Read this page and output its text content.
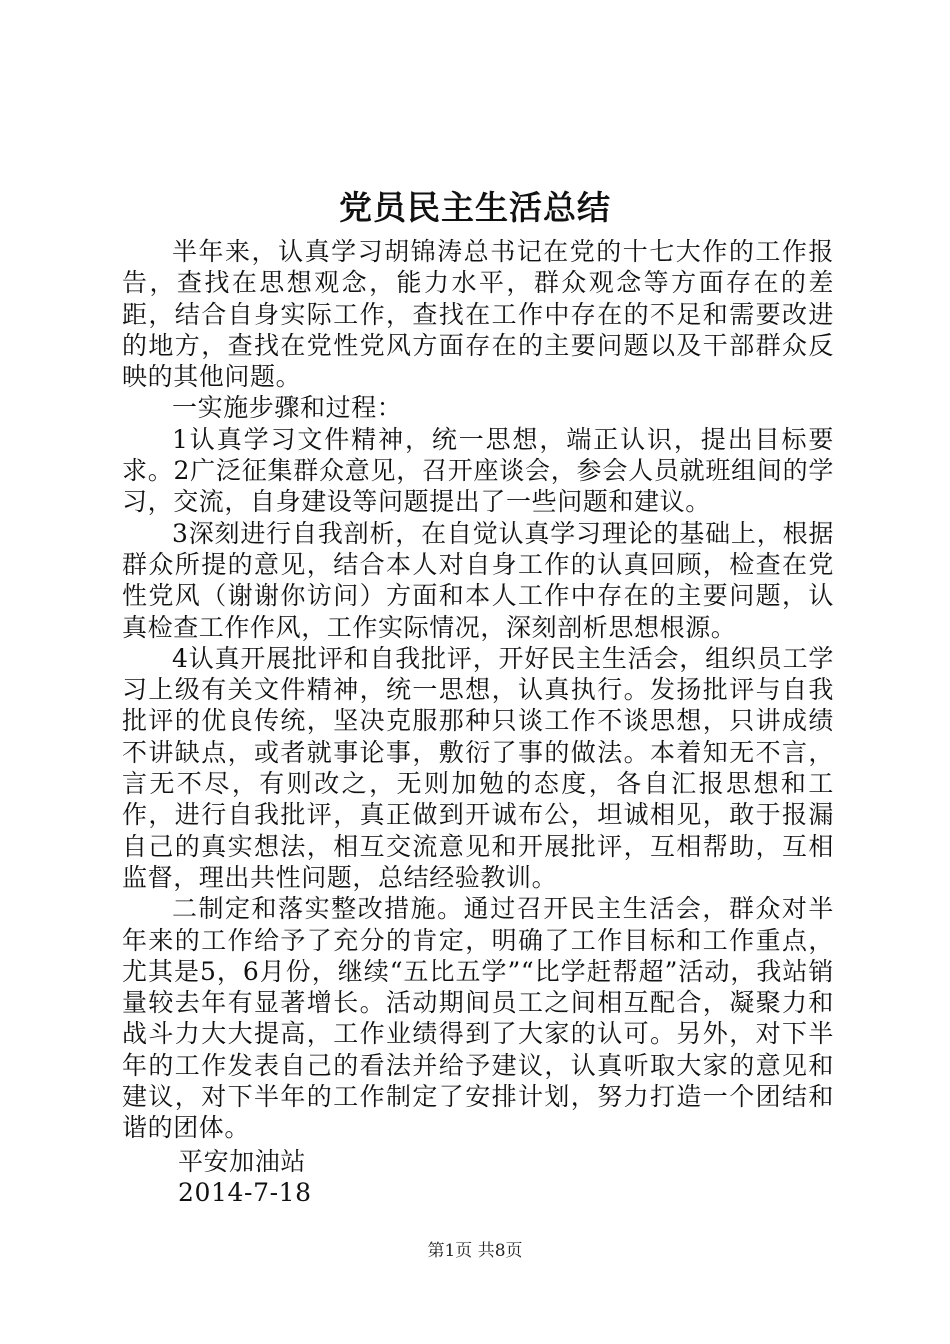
党员民主生活总结

半年来，认真学习胡锦涛总书记在党的十七大作的工作报告，查找在思想观念，能力水平，群众观念等方面存在的差距，结合自身实际工作，查找在工作中存在的不足和需要改进的地方，查找在党性党风方面存在的主要问题以及干部群众反映的其他问题。

一实施步骤和过程：

1认真学习文件精神，统一思想，端正认识，提出目标要求。2广泛征集群众意见，召开座谈会，参会人员就班组间的学习，交流，自身建设等问题提出了一些问题和建议。

3深刻进行自我剖析，在自觉认真学习理论的基础上，根据群众所提的意见，结合本人对自身工作的认真回顾，检查在党性党风（谢谢你访问）方面和本人工作中存在的主要问题，认真检查工作作风，工作实际情况，深刻剖析思想根源。

4认真开展批评和自我批评，开好民主生活会，组织员工学习上级有关文件精神，统一思想，认真执行。发扬批评与自我批评的优良传统，坚决克服那种只谈工作不谈思想，只讲成绩不讲缺点，或者就事论事，敷衍了事的做法。本着知无不言，言无不尽，有则改之，无则加勉的态度，各自汇报思想和工作，进行自我批评，真正做到开诚布公，坦诚相见，敢于报漏自己的真实想法，相互交流意见和开展批评，互相帮助，互相监督，理出共性问题，总结经验教训。

二制定和落实整改措施。通过召开民主生活会，群众对半年来的工作给予了充分的肯定，明确了工作目标和工作重点，尤其是5，6月份，继续“五比五学”“比学赶帮超”活动，我站销量较去年有显著增长。活动期间员工之间相互配合，凝聚力和战斗力大大提高，工作业绩得到了大家的认可。另外，对下半年的工作发表自己的看法并给予建议，认真听取大家的意见和建议，对下半年的工作制定了安排计划，努力打造一个团结和谐的团体。

平安加油站
2014-7-18
第1页 共8页
